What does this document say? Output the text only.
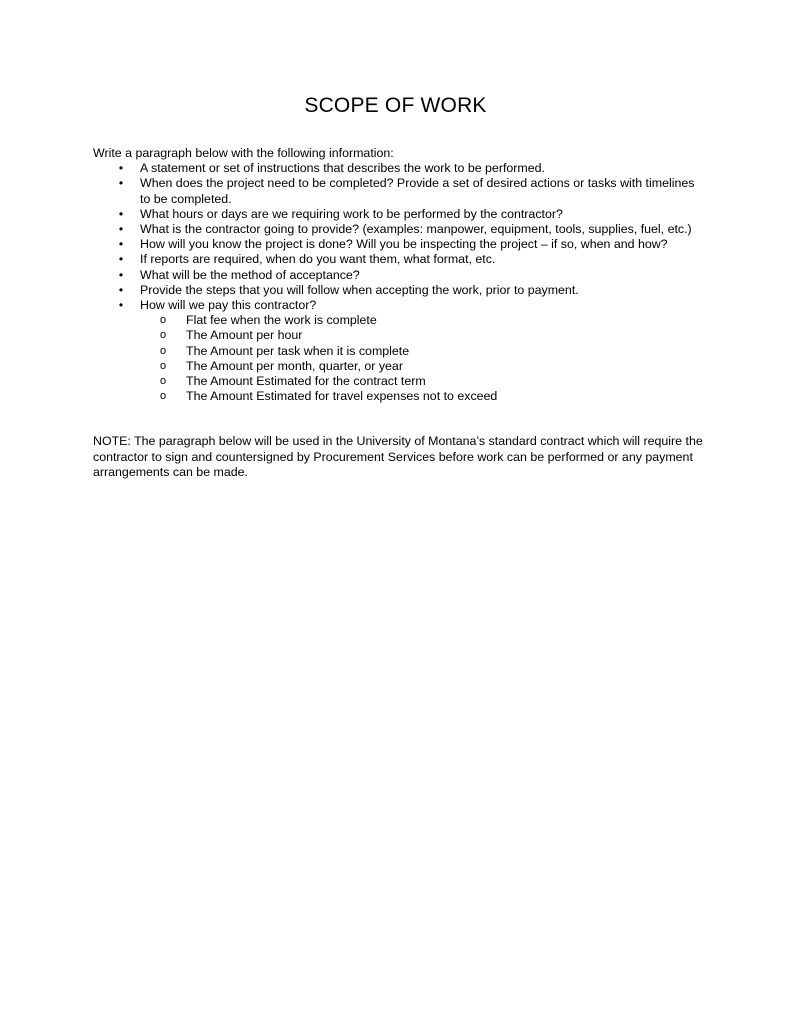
SCOPE OF WORK

Write a paragraph below with the following information:

•	A statement or set of instructions that describes the work to be performed.
•	When does the project need to be completed? Provide a set of desired actions or tasks with timelines to be completed.
•	What hours or days are we requiring work to be performed by the contractor?
•	What is the contractor going to provide? (examples: manpower, equipment, tools, supplies, fuel, etc.)
•	How will you know the project is done? Will you be inspecting the project – if so, when and how?
•	If reports are required, when do you want them, what format, etc.
•	What will be the method of acceptance?
•	Provide the steps that you will follow when accepting the work, prior to payment.
•	How will we pay this contractor?
o Flat fee when the work is complete
o The Amount per hour
o The Amount per task when it is complete
o The Amount per month, quarter, or year
o The Amount Estimated for the contract term
o The Amount Estimated for travel expenses not to exceed

NOTE: The paragraph below will be used in the University of Montana’s standard contract which will require the contractor to sign and countersigned by Procurement Services before work can be performed or any payment arrangements can be made.
